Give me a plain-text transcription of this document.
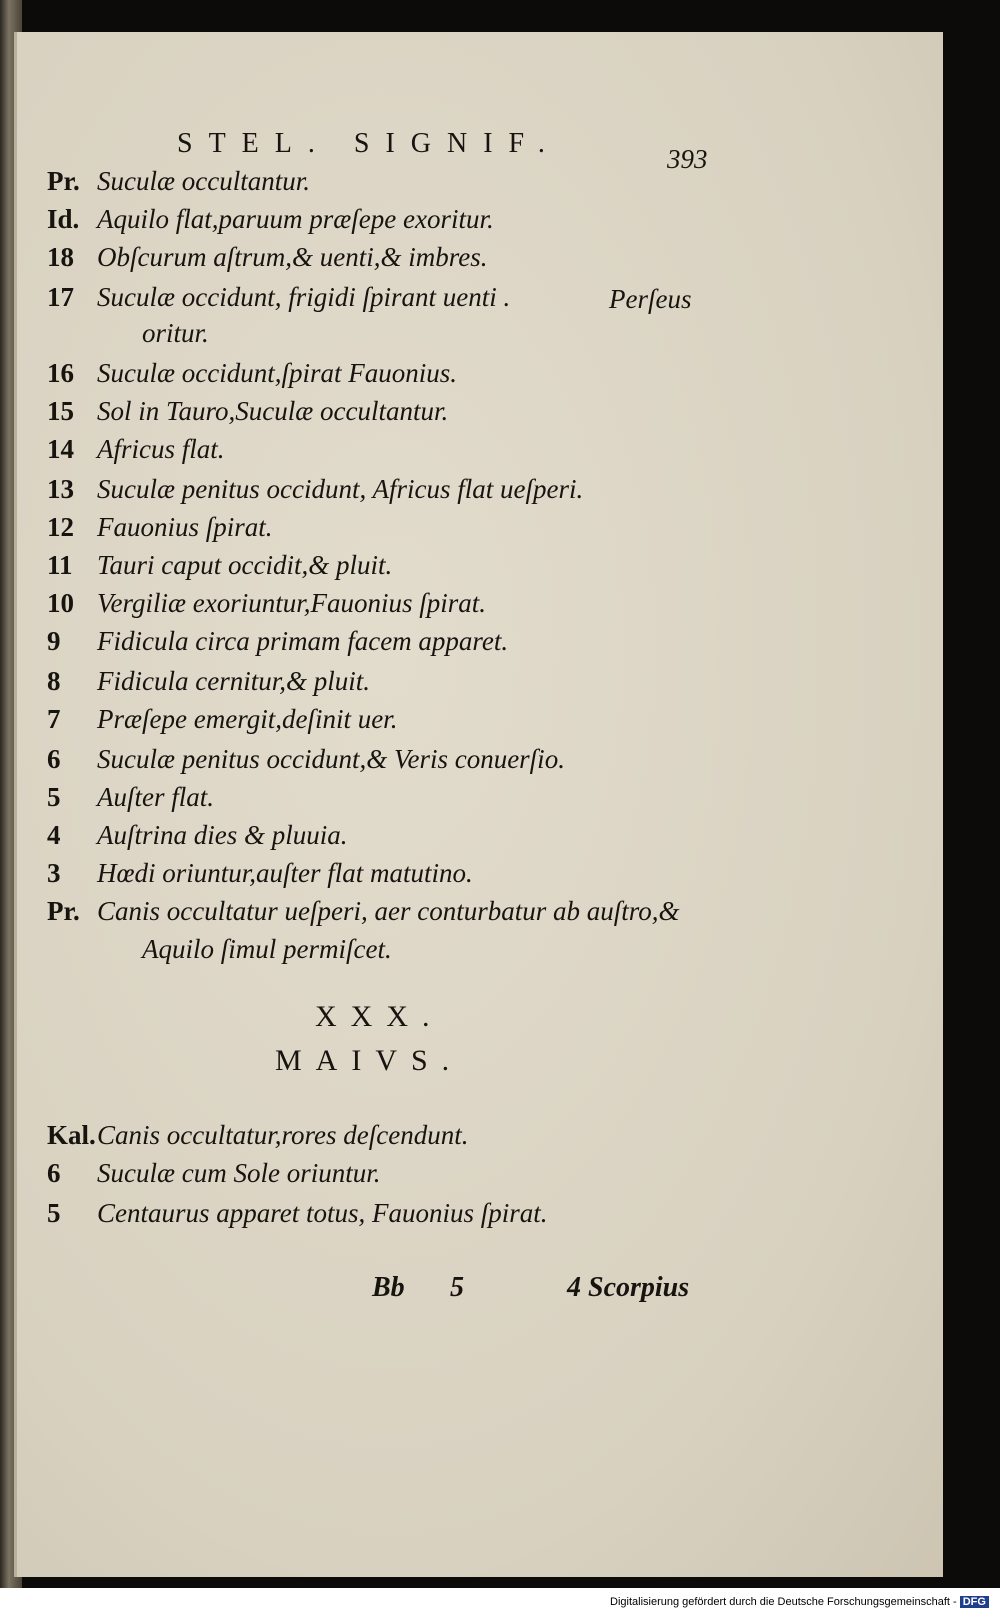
STEL. SIGNIF.	393
Pr. Suculæ occultantur.
Id. Aquilo flat,paruum præſepe exoritur.
18 Obſcurum aſtrum,& uenti,& imbres.
17 Suculæ occidunt, frigidi ſpirant uenti .	Perſeus
oritur.
16 Suculæ occidunt,ſpirat Fauonius.
15 Sol in Tauro,Suculæ occultantur.
14 Africus flat.
13 Suculæ penitus occidunt, Africus flat ueſperi.
12 Fauonius ſpirat.
11 Tauri caput occidit,& pluit.
10 Vergiliæ exoriuntur,Fauonius ſpirat.
9 Fidicula circa primam facem apparet.
8 Fidicula cernitur,& pluit.
7 Præſepe emergit,deſinit uer.
6 Suculæ penitus occidunt,& Veris conuerſio.
5 Auſter flat.
4 Auſtrina dies & pluuia.
3 Hœdi oriuntur,auſter flat matutino.
Pr. Canis occultatur ueſperi, aer conturbatur ab auſtro,&
Aquilo ſimul permiſcet.
XXX.
MAIVS.
Kal.Canis occultatur,rores deſcendunt.
6 Suculæ cum Sole oriuntur.
5 Centaurus apparet totus, Fauonius ſpirat.
Bb 5	4 Scorpius
Digitalisierung gefördert durch die Deutsche Forschungsgemeinschaft - DFG
